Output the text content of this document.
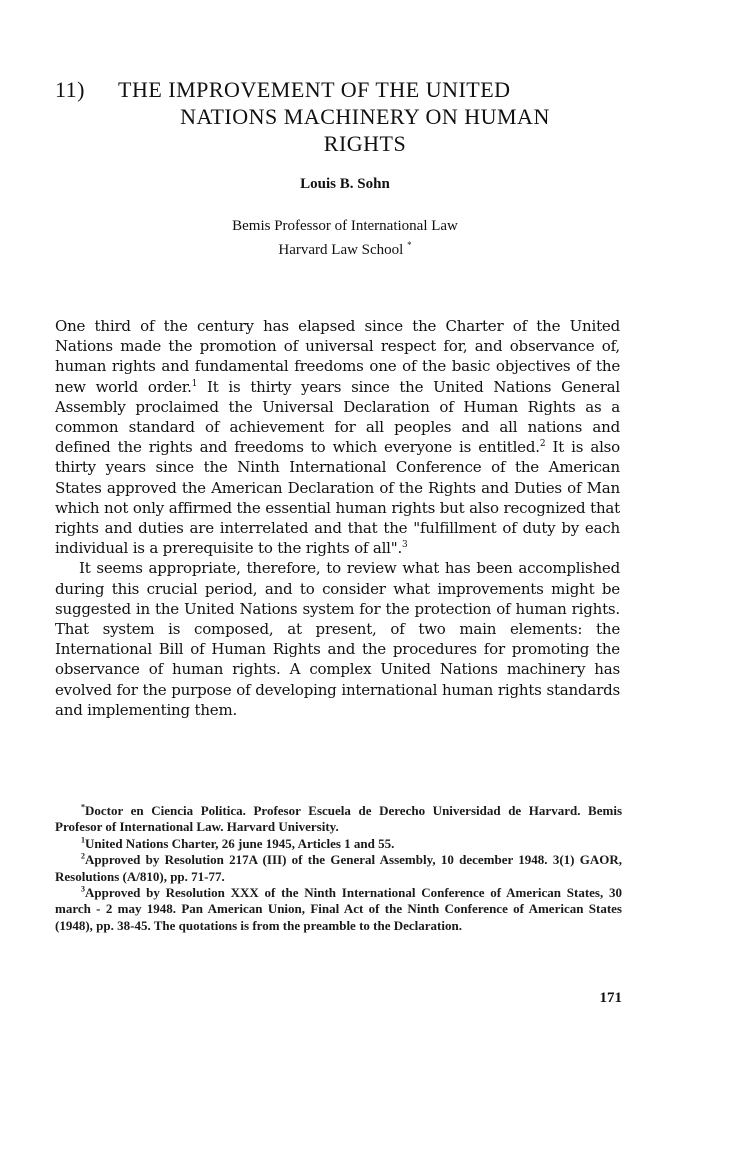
11) THE IMPROVEMENT OF THE UNITED
NATIONS MACHINERY ON HUMAN
RIGHTS
Louis B. Sohn
Bemis Professor of International Law
Harvard Law School *

One third of the century has elapsed since the Charter of the United Nations made the promotion of universal respect for, and observance of, human rights and fundamental freedoms one of the basic objectives of the new world order.$^1$ It is thirty years since the United Nations General Assembly proclaimed the Universal Declaration of Human Rights as a common standard of achievement for all peoples and all nations and defined the rights and freedoms to which everyone is entitled.$^2$ It is also thirty years since the Ninth International Conference of the American States approved the American Declaration of the Rights and Duties of Man which not only affirmed the essential human rights but also recognized that rights and duties are interrelated and that the "fulfillment of duty by each individual is a prerequisite to the rights of all".$^3$

It seems appropriate, therefore, to review what has been accomplished during this crucial period, and to consider what improvements might be suggested in the United Nations system for the protection of human rights. That system is composed, at present, of two main elements: the International Bill of Human Rights and the procedures for promoting the observance of human rights. A complex United Nations machinery has evolved for the purpose of developing international human rights standards and implementing them.

*Doctor en Ciencia Politica. Profesor Escuela de Derecho Universidad de Harvard. Bemis Profesor of International Law. Harvard University.

$^1$United Nations Charter, 26 june 1945, Articles 1 and 55.

$^2$Approved by Resolution 217A (III) of the General Assembly, 10 december 1948. 3(1) GAOR, Resolutions (A/810), pp. 71-77.

$^3$Approved by Resolution XXX of the Ninth International Conference of American States, 30 march - 2 may 1948. Pan American Union, Final Act of the Ninth Conference of American States (1948), pp. 38-45. The quotations is from the preamble to the Declaration.

171
